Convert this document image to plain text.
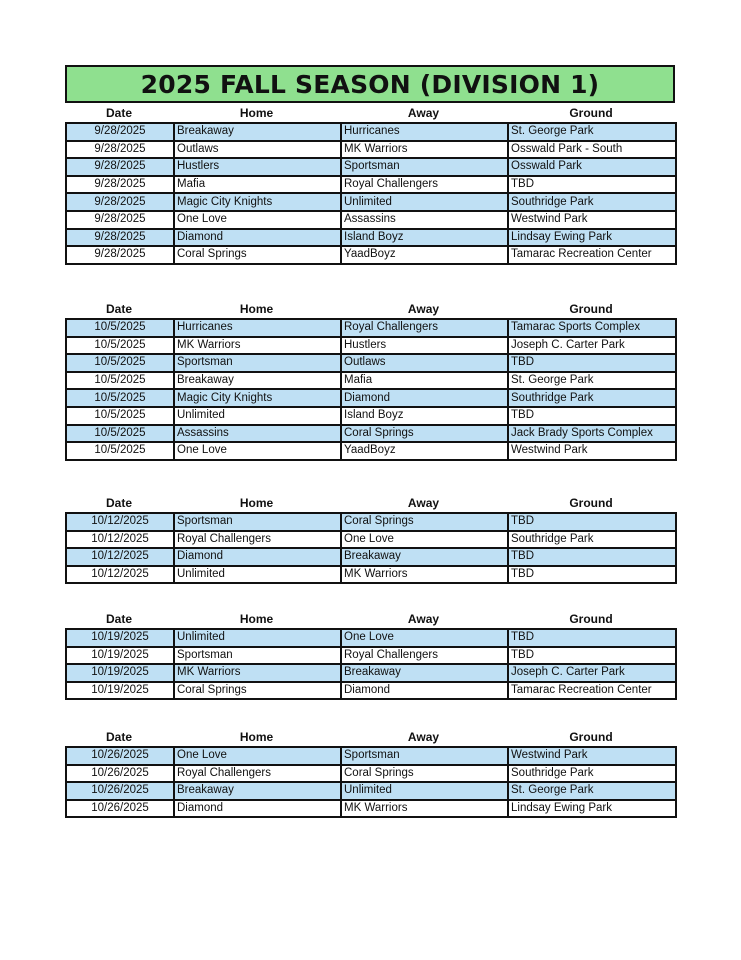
2025 FALL SEASON (DIVISION 1)
Date	Home	Away	Ground
9/28/2025	Breakaway	Hurricanes	St. George Park
9/28/2025	Outlaws	MK Warriors	Osswald Park - South
9/28/2025	Hustlers	Sportsman	Osswald Park
9/28/2025	Mafia	Royal Challengers	TBD
9/28/2025	Magic City Knights	Unlimited	Southridge Park
9/28/2025	One Love	Assassins	Westwind Park
9/28/2025	Diamond	Island Boyz	Lindsay Ewing Park
9/28/2025	Coral Springs	YaadBoyz	Tamarac Recreation Center
Date	Home	Away	Ground
10/5/2025	Hurricanes	Royal Challengers	Tamarac Sports Complex
10/5/2025	MK Warriors	Hustlers	Joseph C. Carter Park
10/5/2025	Sportsman	Outlaws	TBD
10/5/2025	Breakaway	Mafia	St. George Park
10/5/2025	Magic City Knights	Diamond	Southridge Park
10/5/2025	Unlimited	Island Boyz	TBD
10/5/2025	Assassins	Coral Springs	Jack Brady Sports Complex
10/5/2025	One Love	YaadBoyz	Westwind Park
Date	Home	Away	Ground
10/12/2025	Sportsman	Coral Springs	TBD
10/12/2025	Royal Challengers	One Love	Southridge Park
10/12/2025	Diamond	Breakaway	TBD
10/12/2025	Unlimited	MK Warriors	TBD
Date	Home	Away	Ground
10/19/2025	Unlimited	One Love	TBD
10/19/2025	Sportsman	Royal Challengers	TBD
10/19/2025	MK Warriors	Breakaway	Joseph C. Carter Park
10/19/2025	Coral Springs	Diamond	Tamarac Recreation Center
Date	Home	Away	Ground
10/26/2025	One Love	Sportsman	Westwind Park
10/26/2025	Royal Challengers	Coral Springs	Southridge Park
10/26/2025	Breakaway	Unlimited	St. George Park
10/26/2025	Diamond	MK Warriors	Lindsay Ewing Park
